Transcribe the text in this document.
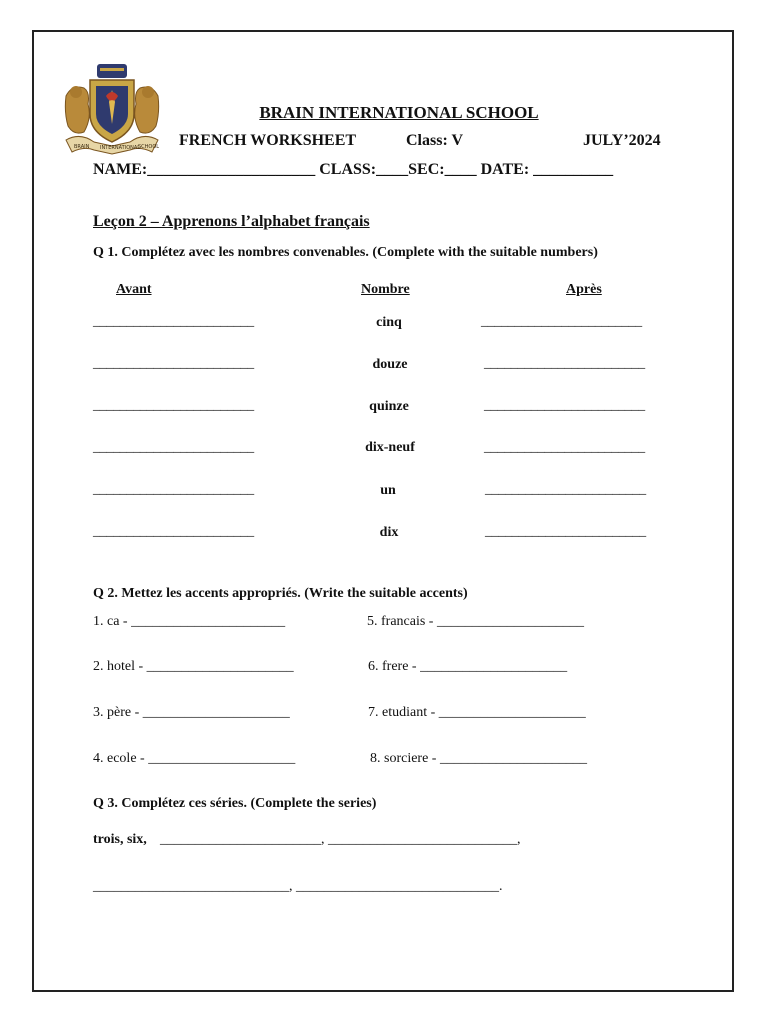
BRAIN INTERNATIONAL
SCHOOL
BRAIN INTERNATIONAL SCHOOL
FRENCH WORKSHEET	Class: V	JULY’2024
NAME:_____________________ CLASS:____SEC:____ DATE: __________
Leçon 2 – Apprenons l’alphabet français
Q 1. Complétez avec les nombres convenables. (Complete with the suitable numbers)
Avant	Nombre	Après
________________________	cinq	________________________
________________________	douze	________________________
________________________	quinze	________________________
________________________	dix-neuf	________________________
________________________	un	________________________
________________________	dix	________________________
Q 2. Mettez les accents appropriés. (Write the suitable accents)
1. ca - ______________________
2. hotel - _____________________
3. père - _____________________
4. ecole - _____________________
5. francais - _____________________
6. frere - _____________________
7. etudiant - _____________________
8. sorciere - _____________________
Q 3. Complétez ces séries. (Complete the series)
trois, six, _______________________, ___________________________,
____________________________, _____________________________.
